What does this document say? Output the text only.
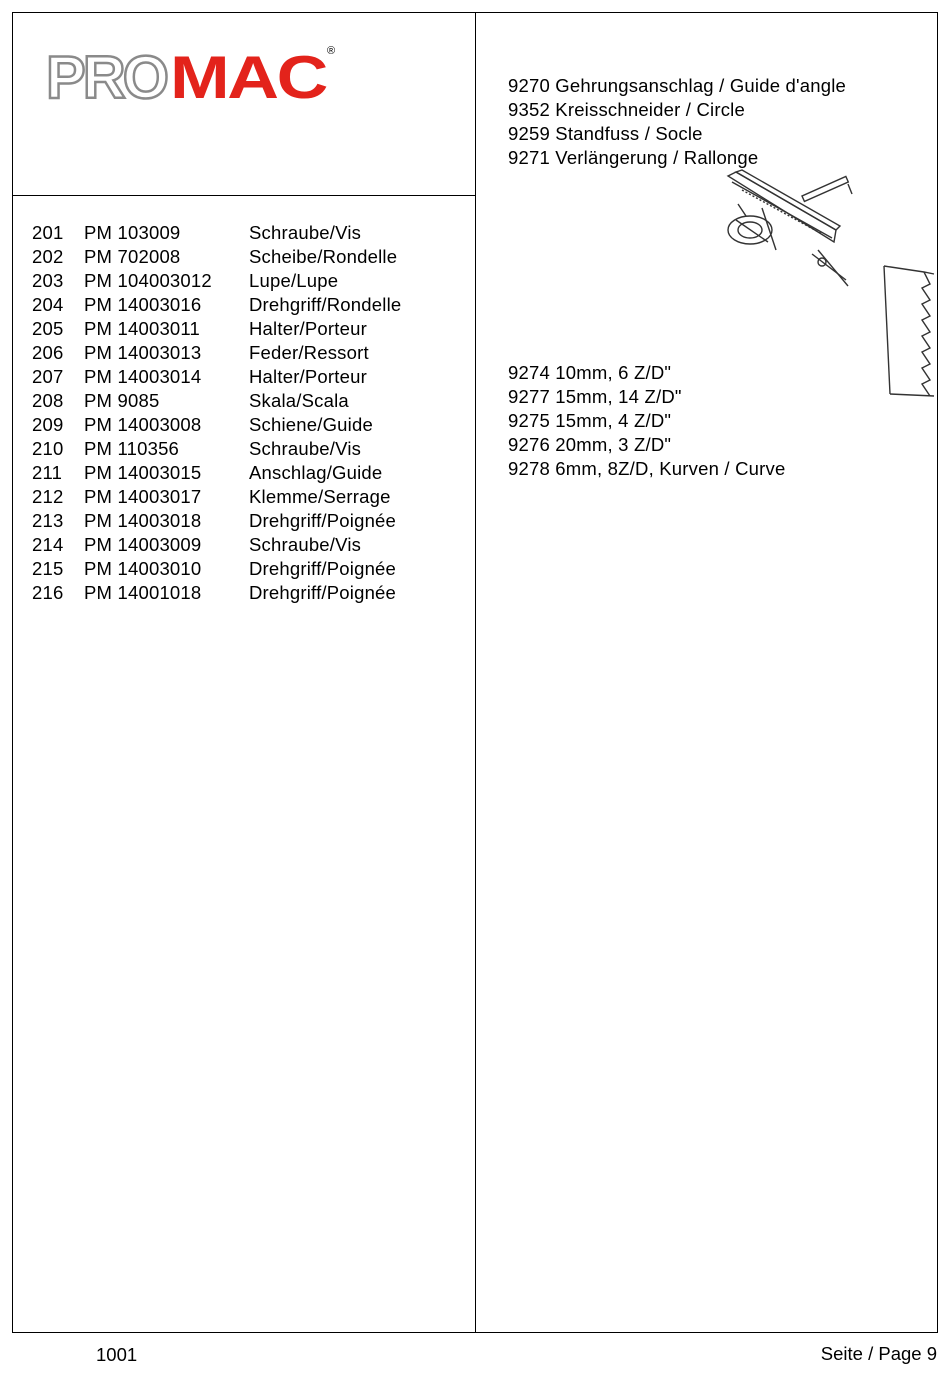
PRO MAC ®
201 PM 103009	Schraube/Vis
202 PM 702008	Scheibe/Rondelle
203 PM 104003012 Lupe/Lupe
204 PM 14003016	Drehgriff/Rondelle
205 PM 14003011	Halter/Porteur
206 PM 14003013	Feder/Ressort
207 PM 14003014	Halter/Porteur
208 PM 9085	Skala/Scala
209 PM 14003008	Schiene/Guide
210 PM 110356	Schraube/Vis
211 PM 14003015	Anschlag/Guide
212 PM 14003017	Klemme/Serrage
213 PM 14003018	Drehgriff/Poignée
214 PM 14003009	Schraube/Vis
215 PM 14003010	Drehgriff/Poignée
216 PM 14001018	Drehgriff/Poignée
9270 Gehrungsanschlag / Guide d'angle
9352 Kreisschneider / Circle
9259 Standfuss / Socle
9271 Verlängerung / Rallonge
9274 10mm, 6 Z/D"
9277 15mm, 14 Z/D"
9275 15mm, 4 Z/D"
9276 20mm, 3 Z/D"
9278 6mm, 8Z/D, Kurven / Curve
1001	Seite / Page 9
